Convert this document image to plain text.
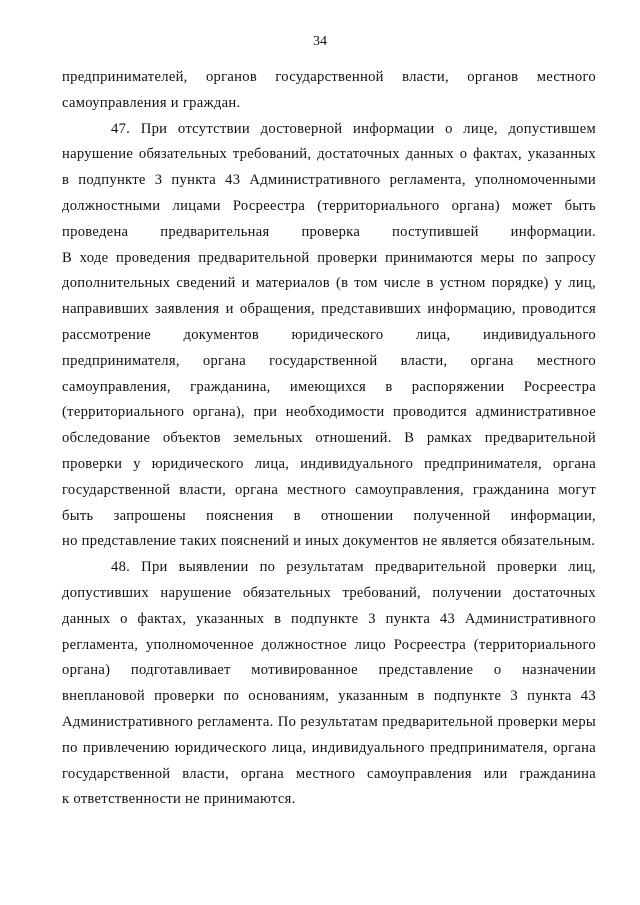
34
предпринимателей, органов государственной власти, органов местного
самоуправления и граждан.
47. При отсутствии достоверной информации о лице, допустившем
нарушение обязательных требований, достаточных данных о фактах, указанных
в подпункте 3 пункта 43 Административного регламента, уполномоченными
должностными лицами Росреестра (территориального органа) может быть
проведена предварительная проверка поступившей информации.
В ходе проведения предварительной проверки принимаются меры по запросу
дополнительных сведений и материалов (в том числе в устном порядке) у лиц,
направивших заявления и обращения, представивших информацию, проводится
рассмотрение документов юридического лица, индивидуального
предпринимателя, органа государственной власти, органа местного
самоуправления, гражданина, имеющихся в распоряжении Росреестра
(территориального органа), при необходимости проводится административное
обследование объектов земельных отношений. В рамках предварительной
проверки у юридического лица, индивидуального предпринимателя, органа
государственной власти, органа местного самоуправления, гражданина могут
быть запрошены пояснения в отношении полученной информации,
но представление таких пояснений и иных документов не является обязательным.
48. При выявлении по результатам предварительной проверки лиц,
допустивших нарушение обязательных требований, получении достаточных
данных о фактах, указанных в подпункте 3 пункта 43 Административного
регламента, уполномоченное должностное лицо Росреестра (территориального
органа) подготавливает мотивированное представление о назначении
внеплановой проверки по основаниям, указанным в подпункте 3 пункта 43
Административного регламента. По результатам предварительной проверки меры
по привлечению юридического лица, индивидуального предпринимателя, органа
государственной власти, органа местного самоуправления или гражданина
к ответственности не принимаются.
